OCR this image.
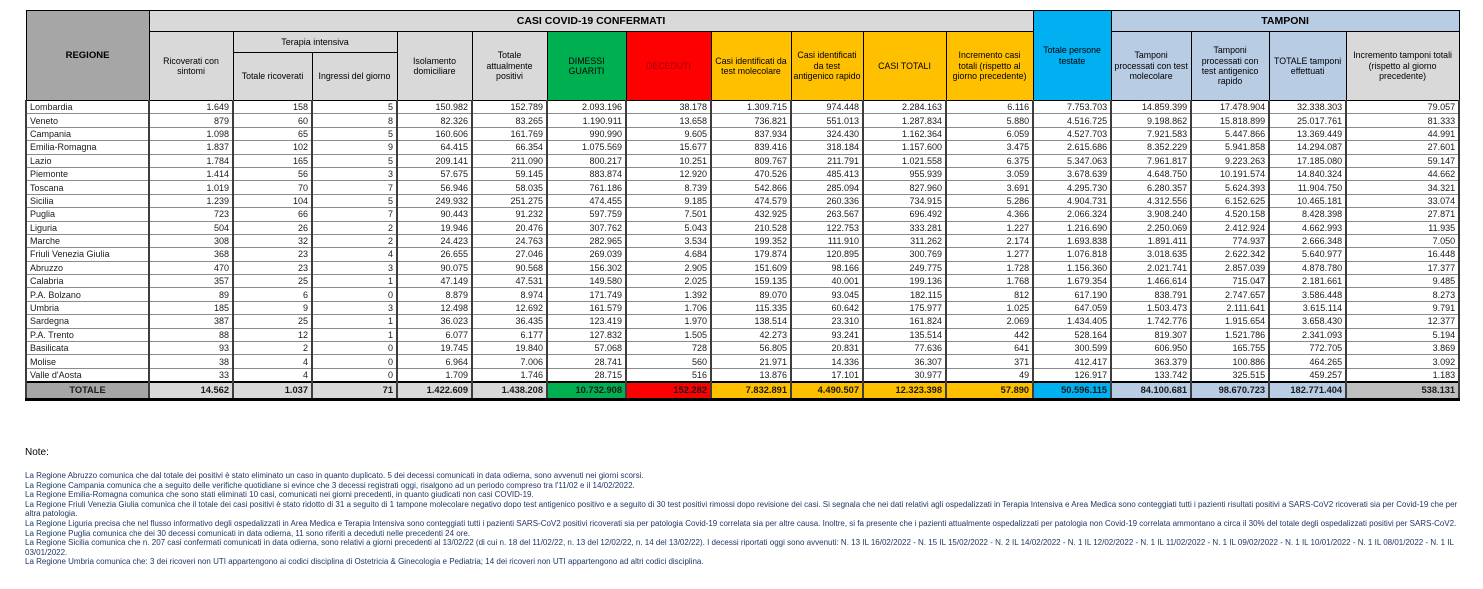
REGIONE	CASI COVID-19 CONFERMATI											Totale persone testate	TAMPONI			
	Ricoverati con sintomi	Terapia intensiva		Isolamento domiciliare	Totale attualmente positivi	DIMESSI GUARITI	DECEDUTI	Casi identificati da test molecolare	Casi identificati da test antigenico rapido	CASI TOTALI	Incremento casi totali (rispetto al giorno precedente)		Tamponi processati con test molecolare	Tamponi processati con test antigenico rapido	TOTALE tamponi effettuati	Incremento tamponi totali (rispetto al giorno precedente)
		Totale ricoverati	Ingressi del giorno													
Lombardia	1.649	158	5	150.982	152.789	2.093.196	38.178	1.309.715	974.448	2.284.163	6.116	7.753.703	14.859.399	17.478.904	32.338.303	79.057
Veneto	879	60	8	82.326	83.265	1.190.911	13.658	736.821	551.013	1.287.834	5.880	4.516.725	9.198.862	15.818.899	25.017.761	81.333
Campania	1.098	65	5	160.606	161.769	990.990	9.605	837.934	324.430	1.162.364	6.059	4.527.703	7.921.583	5.447.866	13.369.449	44.991
Emilia-Romagna	1.837	102	9	64.415	66.354	1.075.569	15.677	839.416	318.184	1.157.600	3.475	2.615.686	8.352.229	5.941.858	14.294.087	27.601
Lazio	1.784	165	5	209.141	211.090	800.217	10.251	809.767	211.791	1.021.558	6.375	5.347.063	7.961.817	9.223.263	17.185.080	59.147
Piemonte	1.414	56	3	57.675	59.145	883.874	12.920	470.526	485.413	955.939	3.059	3.678.639	4.648.750	10.191.574	14.840.324	44.662
Toscana	1.019	70	7	56.946	58.035	761.186	8.739	542.866	285.094	827.960	3.691	4.295.730	6.280.357	5.624.393	11.904.750	34.321
Sicilia	1.239	104	5	249.932	251.275	474.455	9.185	474.579	260.336	734.915	5.286	4.904.731	4.312.556	6.152.625	10.465.181	33.074
Puglia	723	66	7	90.443	91.232	597.759	7.501	432.925	263.567	696.492	4.366	2.066.324	3.908.240	4.520.158	8.428.398	27.871
Liguria	504	26	2	19.946	20.476	307.762	5.043	210.528	122.753	333.281	1.227	1.216.690	2.250.069	2.412.924	4.662.993	11.935
Marche	308	32	2	24.423	24.763	282.965	3.534	199.352	111.910	311.262	2.174	1.693.838	1.891.411	774.937	2.666.348	7.050
Friuli Venezia Giulia	368	23	4	26.655	27.046	269.039	4.684	179.874	120.895	300.769	1.277	1.076.818	3.018.635	2.622.342	5.640.977	16.448
Abruzzo	470	23	3	90.075	90.568	156.302	2.905	151.609	98.166	249.775	1.728	1.156.360	2.021.741	2.857.039	4.878.780	17.377
Calabria	357	25	1	47.149	47.531	149.580	2.025	159.135	40.001	199.136	1.768	1.679.354	1.466.614	715.047	2.181.661	9.485
P.A. Bolzano	89	6	0	8.879	8.974	171.749	1.392	89.070	93.045	182.115	812	617.190	838.791	2.747.657	3.586.448	8.273
Umbria	185	9	3	12.498	12.692	161.579	1.706	115.335	60.642	175.977	1.025	647.059	1.503.473	2.111.641	3.615.114	9.791
Sardegna	387	25	1	36.023	36.435	123.419	1.970	138.514	23.310	161.824	2.069	1.434.405	1.742.776	1.915.654	3.658.430	12.377
P.A. Trento	88	12	1	6.077	6.177	127.832	1.505	42.273	93.241	135.514	442	528.164	819.307	1.521.786	2.341.093	5.194
Basilicata	93	2	0	19.745	19.840	57.068	728	56.805	20.831	77.636	641	300.599	606.950	165.755	772.705	3.869
Molise	38	4	0	6.964	7.006	28.741	560	21.971	14.336	36.307	371	412.417	363.379	100.886	464.265	3.092
Valle d'Aosta	33	4	0	1.709	1.746	28.715	516	13.876	17.101	30.977	49	126.917	133.742	325.515	459.257	1.183
TOTALE	14.562	1.037	71	1.422.609	1.438.208	10.732.908	152.282	7.832.891	4.490.507	12.323.398	57.890	50.596.115	84.100.681	98.670.723	182.771.404	538.131
Note:
La Regione Abruzzo comunica che dal totale dei positivi è stato eliminato un caso in quanto duplicato. 5 dei decessi comunicati in data odierna, sono avvenuti nei giorni scorsi.
La Regione Campania comunica che a seguito delle verifiche quotidiane si evince che 3 decessi registrati oggi, risalgono ad un periodo compreso tra l'11/02 e il 14/02/2022.
La Regione Emilia-Romagna comunica che sono stati eliminati 10 casi, comunicati nei giorni precedenti, in quanto giudicati non casi COVID-19.
La Regione Friuli Venezia Giulia comunica che il totale dei casi positivi è stato ridotto di 31 a seguito di 1 tampone molecolare negativo dopo test antigenico positivo e a seguito di 30 test positivi rimossi dopo revisione dei casi. Si segnala che nei dati relativi agli ospedalizzati in Terapia Intensiva e Area Medica sono conteggiati tutti i pazienti risultati positivi a SARS-CoV2 ricoverati sia per Covid-19 che per altra patologia.
La Regione Liguria precisa che nel flusso informativo degli ospedalizzati in Area Medica e Terapia Intensiva sono conteggiati tutti i pazienti SARS-CoV2 positivi ricoverati sia per patologia Covid-19 correlata sia per altre causa. Inoltre, si fa presente che i pazienti attualmente ospedalizzati per patologia non Covid-19 correlata ammontano a circa il 30% del totale degli ospedalizzati positivi per SARS-CoV2.
La Regione Puglia comunica che dei 30 decessi comunicati in data odierna, 11 sono riferiti a deceduti nelle precedenti 24 ore.
La Regione Sicilia comunica che n. 207 casi confermati comunicati in data odierna, sono relativi a giorni precedenti al 13/02/22 (di cui n. 18 del 11/02/22, n. 13 del 12/02/22, n. 14 del 13/02/22). I decessi riportati oggi sono avvenuti: N. 13 IL 16/02/2022 - N. 15 IL 15/02/2022 - N. 2 IL 14/02/2022 - N. 1 IL 12/02/2022 - N. 1 IL 11/02/2022 - N. 1 IL 09/02/2022 - N. 1 IL 10/01/2022 - N. 1 IL 08/01/2022 - N. 1 IL 03/01/2022.
La Regione Umbria comunica che: 3 dei ricoveri non UTI appartengono ai codici disciplina di Ostetricia & Ginecologia e Pediatria; 14 dei ricoveri non UTI appartengono ad altri codici disciplina.
